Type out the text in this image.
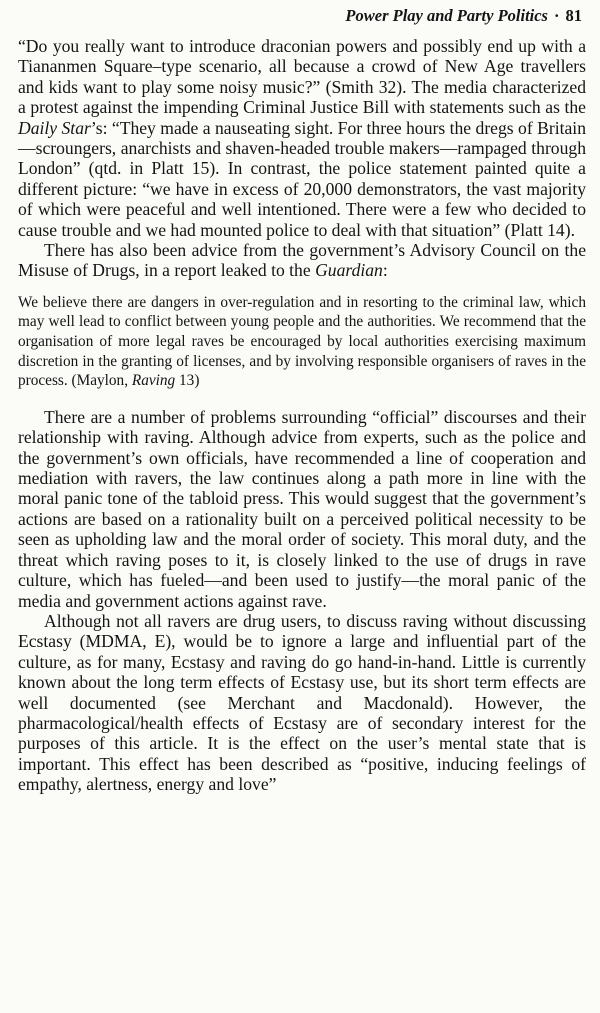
Power Play and Party Politics · 81

“Do you really want to introduce draconian powers and possibly end up with a Tiananmen Square–type scenario, all because a crowd of New Age travellers and kids want to play some noisy music?” (Smith 32). The media characterized a protest against the impending Criminal Justice Bill with statements such as the Daily Star’s: “They made a nauseating sight. For three hours the dregs of Britain—scroungers, anarchists and shaven-headed trouble makers—rampaged through London” (qtd. in Platt 15). In contrast, the police statement painted quite a different picture: “we have in excess of 20,000 demonstrators, the vast majority of which were peaceful and well intentioned. There were a few who decided to cause trouble and we had mounted police to deal with that situation” (Platt 14).

There has also been advice from the government’s Advisory Council on the Misuse of Drugs, in a report leaked to the Guardian:

We believe there are dangers in over-regulation and in resorting to the criminal law, which may well lead to conflict between young people and the authorities. We recommend that the organisation of more legal raves be encouraged by local authorities exercising maximum discretion in the granting of licenses, and by involving responsible organisers of raves in the process. (Maylon, Raving 13)

There are a number of problems surrounding “official” discourses and their relationship with raving. Although advice from experts, such as the police and the government’s own officials, have recommended a line of cooperation and mediation with ravers, the law continues along a path more in line with the moral panic tone of the tabloid press. This would suggest that the government’s actions are based on a rationality built on a perceived political necessity to be seen as upholding law and the moral order of society. This moral duty, and the threat which raving poses to it, is closely linked to the use of drugs in rave culture, which has fueled—and been used to justify—the moral panic of the media and government actions against rave.

Although not all ravers are drug users, to discuss raving without discussing Ecstasy (MDMA, E), would be to ignore a large and influential part of the culture, as for many, Ecstasy and raving do go hand-in-hand. Little is currently known about the long term effects of Ecstasy use, but its short term effects are well documented (see Merchant and Macdonald). However, the pharmacological/health effects of Ecstasy are of secondary interest for the purposes of this article. It is the effect on the user’s mental state that is important. This effect has been described as “positive, inducing feelings of empathy, alertness, energy and love”
